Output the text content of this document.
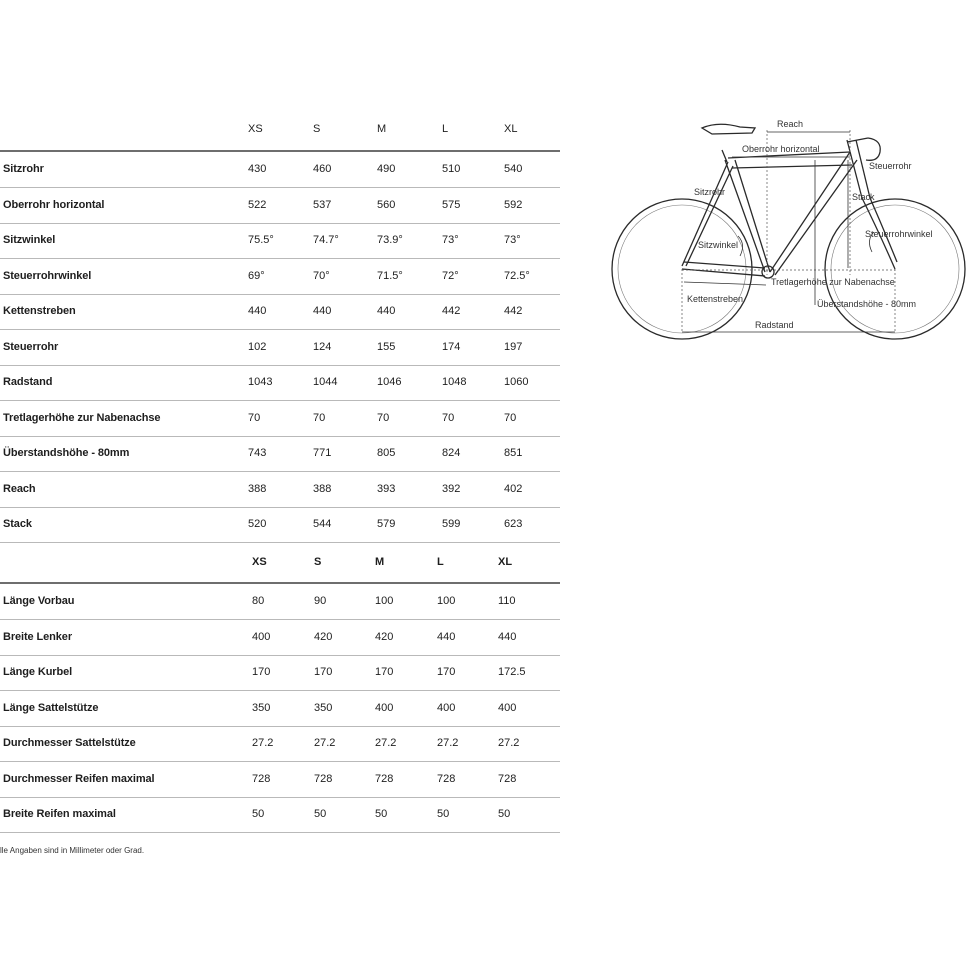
XS	S	M	L	XL
XS	S	M	L	XL
lle Angaben sind in Millimeter oder Grad.
Reach
Oberrohr horizontal
Steuerrohr
Sitzrohr	Stack
Steuerrohrwinkel
Sitzwinkel
Tretlagerhöhe zur Nabenachse
Kettenstreben	Überstandshöhe - 80mm
Radstand
Sitzrohr	430	460	490	510	540
Oberrohr horizontal	522	537	560	575	592
Sitzwinkel	75.5°	74.7°	73.9°	73°	73°
Steuerrohrwinkel	69°	70°	71.5°	72°	72.5°
Kettenstreben	440	440	440	442	442
Steuerrohr	102	124	155	174	197
Radstand	1043	1044	1046	1048	1060
Tretlagerhöhe zur Nabenachse	70	70	70	70	70
Überstandshöhe - 80mm	743	771	805	824	851
Reach	388	388	393	392	402
Stack	520	544	579	599	623
Länge Vorbau	80	90	100	100	110
Breite Lenker	400	420	420	440	440
Länge Kurbel	170	170	170	170	172.5
Länge Sattelstütze	350	350	400	400	400
Durchmesser Sattelstütze	27.2	27.2	27.2	27.2	27.2
Durchmesser Reifen maximal	728	728	728	728	728
Breite Reifen maximal	50	50	50	50	50
